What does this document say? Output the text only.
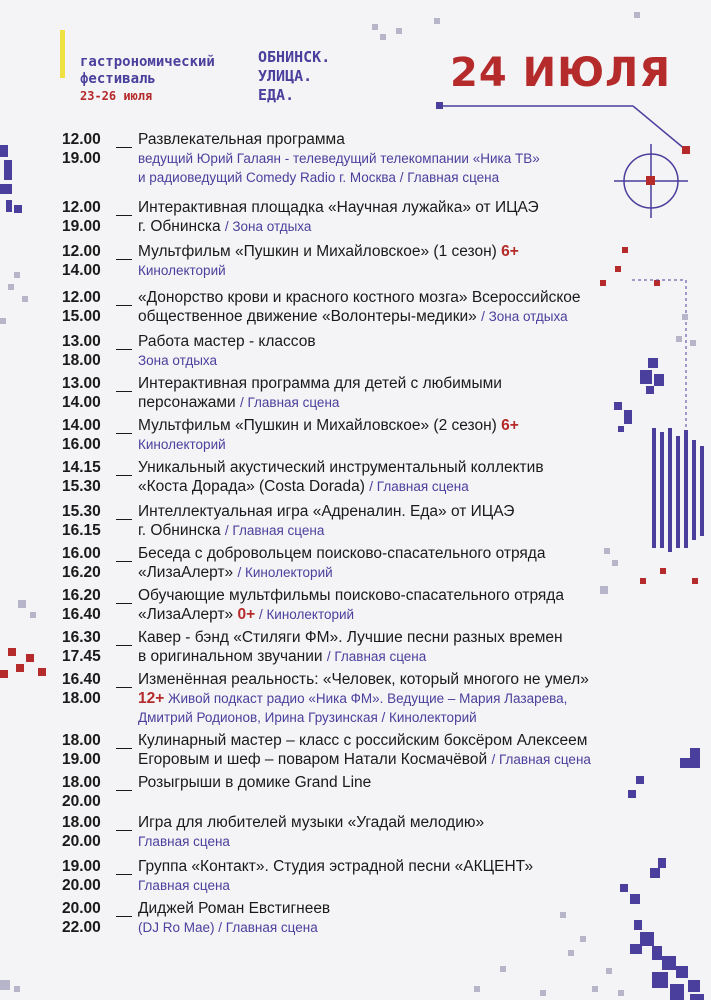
гастрономический
фестиваль
23-26 июля
ОБНИНСК.
УЛИЦА.
ЕДА.	24 ИЮЛЯ
12.00
19.00
Развлекательная программа
ведущий Юрий Галаян - телеведущий телекомпании «Ника ТВ»
и радиоведущий Comedy Radio г. Москва / Главная сцена
12.00
19.00
Интерактивная площадка «Научная лужайка» от ИЦАЭ
г. Обнинска / Зона отдыха
12.00
14.00
Мультфильм «Пушкин и Михайловское» (1 сезон) 6+
Кинолекторий
12.00
15.00
«Донорство крови и красного костного мозга» Всероссийское
общественное движение «Волонтеры-медики» / Зона отдыха
13.00
18.00
Работа мастер - классов
Зона отдыха
13.00
14.00
Интерактивная программа для детей с любимыми
персонажами / Главная сцена
14.00
16.00
Мультфильм «Пушкин и Михайловское» (2 сезон) 6+
Кинолекторий
14.15
15.30
Уникальный акустический инструментальный коллектив
«Коста Дорада» (Costa Dorada) / Главная сцена
15.30
16.15
Интеллектуальная игра «Адреналин. Еда» от ИЦАЭ
г. Обнинска / Главная сцена
16.00
16.20
Беседа с добровольцем поисково-спасательного отряда
«ЛизаАлерт» / Кинолекторий
16.20
16.40
Обучающие мультфильмы поисково-спасательного отряда
«ЛизаАлерт» 0+ / Кинолекторий
16.30
17.45
Кавер - бэнд «Стиляги ФМ». Лучшие песни разных времен
в оригинальном звучании / Главная сцена
16.40
18.00
Изменённая реальность: «Человек, который многого не умел»
12+ Живой подкаст радио «Ника ФМ». Ведущие – Мария Лазарева,
Дмитрий Родионов, Ирина Грузинская / Кинолекторий
18.00
19.00
Кулинарный мастер – класс с российским боксёром Алексеем
Егоровым и шеф – поваром Натали Космачёвой / Главная сцена
18.00
20.00
Розыгрыши в домике Grand Line
18.00
20.00
Игра для любителей музыки «Угадай мелодию»
Главная сцена
19.00
20.00
Группа «Контакт». Студия эстрадной песни «АКЦЕНТ»
Главная сцена
20.00
22.00
Диджей Роман Евстигнеев
(DJ Ro Mae) / Главная сцена
